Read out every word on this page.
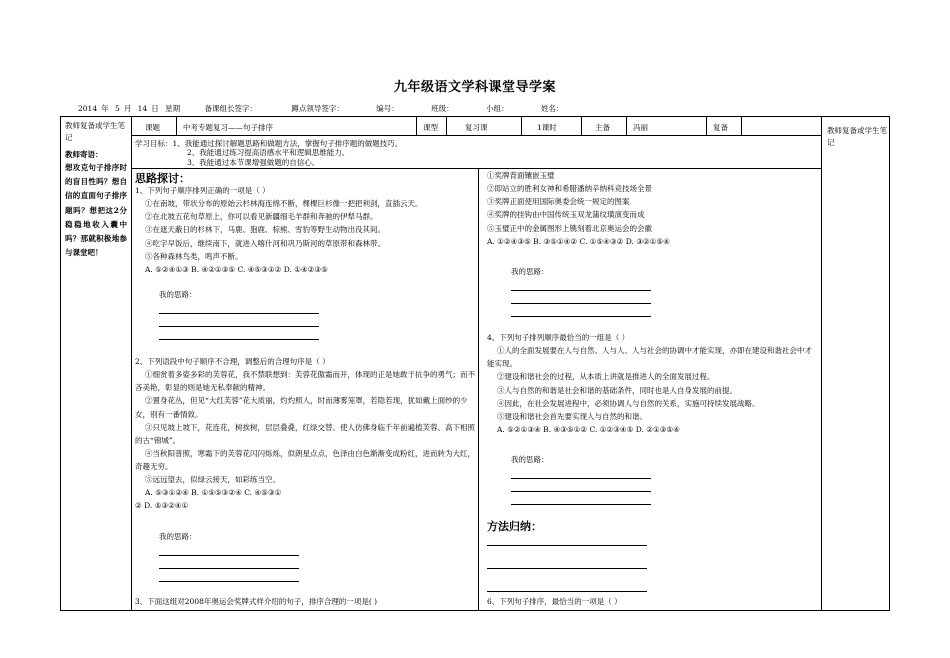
九年级语文学科课堂导学案
2014 年 5 月 14 日 星期	备课组长签字：	蹲点领导签字：	编号：	班级：	小组：	姓名：
教师复备或学生笔记
教师寄语：
想攻克句子排序时的盲目性吗？想自信的直面句子排序题吗？想把这2分稳稳地收入囊中吗？那就积极地参与课堂吧！
教师复备或学生笔记
课题	中考专题复习——句子排序	课型	复习课	1课时	主备	冯丽	复备
学习目标：1、我能通过探讨解题思路和做题方法，掌握句子排序题的做题技巧。
2、我能通过练习提高语感水平和逻辑思维能力。
3、我能通过本节课增强做题的自信心。
思路探讨：

1、下列句子顺序排列正确的一项是（ ）

①在南坡，带状分布的原始云杉林海连绵不断，棵棵巨杉像一把把利剑，直插云天。

②在北坡五花旬草原上，你可以看见新疆细毛羊群和奔驰的伊犁马群。

③在遮天蔽日的杉林下，马鹿、狍鹿、棕熊、雪豹等野生动物出没其间。

④吃字早饭后，继续南下，就进入喀什河和巩乃斯河的草原带和森林带。

⑤各种森林鸟类，鸣声不断。

A. ⑤②④①③ B. ④②①③⑤ C. ④⑤③①② D. ①④②③⑤

我的思路：

2、下列语段中句子顺序不合理，调整后的合理句序是（ ）

①细赏着多姿多彩的芙蓉花，我不禁联想到：芙蓉花傲霜而开，体现的正是她敢于抗争的勇气；而不吝美艳，彰显的则是她无私奉献的精神。

②置身花丛，但见“大红芙蓉”花大质丽，灼灼照人，时而薄雾笼罩，若隐若现，犹如戴上面纱的少女，别有一番情致。

③只见坡上坡下，花连花，树挨树，层层叠叠，红绿交替。使人仿佛身临千年前遍植芙蓉、高下相照的古“锦城”。

④当秋阳普照，寒霜下的芙蓉花闪闪烁烁，似朗星点点，色泽由白色渐渐变成粉红，进而转为大红，奇趣无穷。

⑤远远望去，似绿云接天，如彩练当空。

A. ⑤③①②④ B. ①⑤⑤③②④ C. ④⑤③①

② D. ⑤③②④①

我的思路：

3、下面这组对2008年奥运会奖牌式样介绍的句子，排序合理的一项是( )

①奖牌背面镶嵌玉璧

②即站立的胜利女神和希腊潘纳辛纳科竞技场全景

③奖牌正面使用国际奥委会统一规定的图案

④奖牌的挂钩由中国传统玉双龙蒲纹璜演变而成

⑤玉璧正中的金属图形上镌刻着北京奥运会的会徽

A. ①②④③⑤ B. ③⑤①④② C. ①⑤④③② D. ③②①⑤④

我的思路：

4、下列句子排列顺序最恰当的一组是（ ）

①人的全面发展要在人与自然、人与人、人与社会的协调中才能实现，亦即在建设和谐社会中才能实现。

②建设和谐社会的过程，从本质上讲就是推进人的全面发展过程。

③人与自然的和谐是社会和谐的基础条件，同时也是人自身发展的前提。

④因此，在社会发展进程中，必须协调人与自然的关系，实施可持续发展战略。

⑤建设和谐社会首先要实现人与自然的和谐。

A. ⑤②①③④ B. ④③⑤①② C. ①②③④⑤ D. ②①③⑤④

我的思路：

方法归纳：

6、下列句子排序，最恰当的一项是（ ）
